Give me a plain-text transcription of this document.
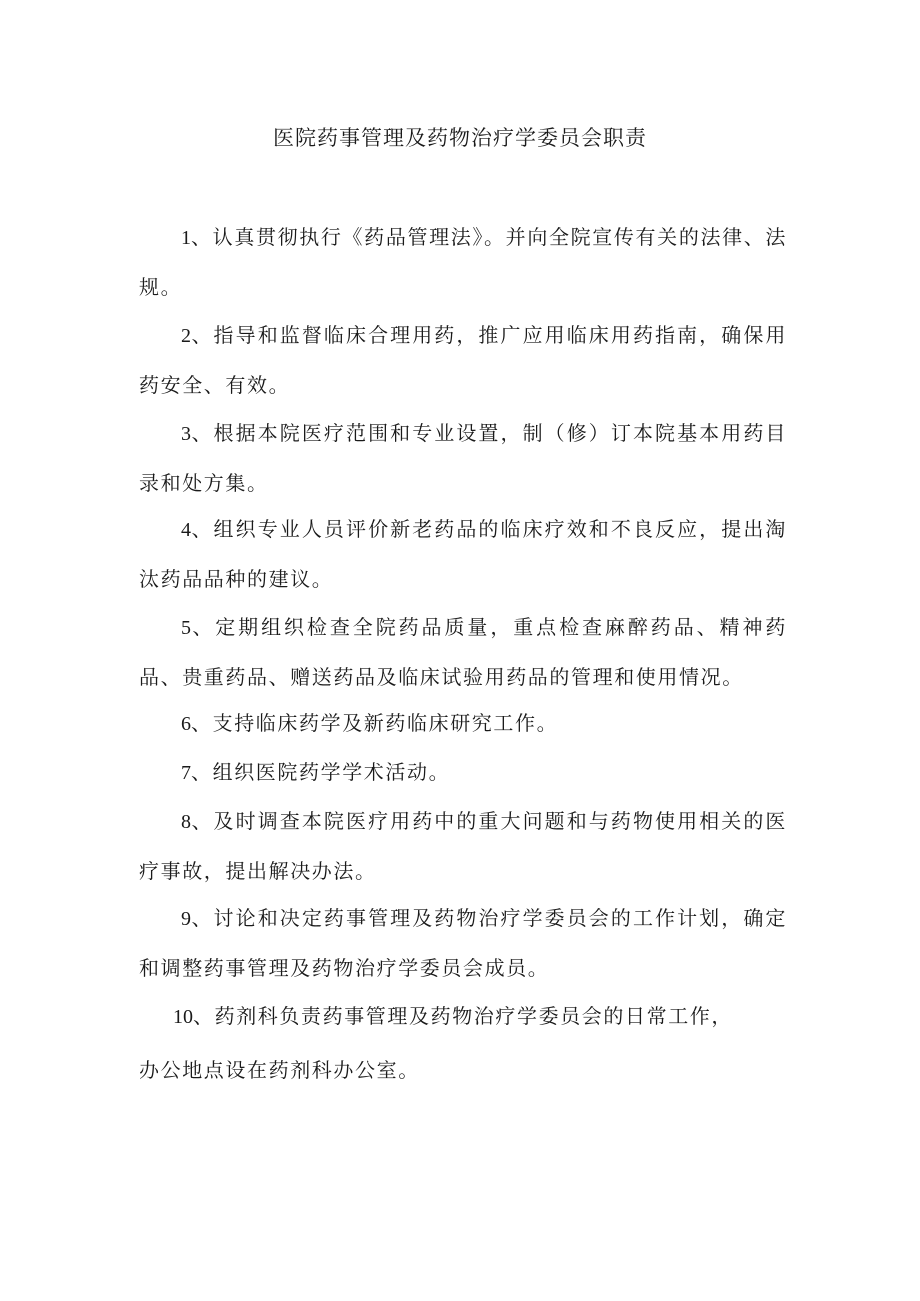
医院药事管理及药物治疗学委员会职责

1、认真贯彻执行《药品管理法》。并向全院宣传有关的法律、法规。

2、指导和监督临床合理用药，推广应用临床用药指南，确保用药安全、有效。

3、根据本院医疗范围和专业设置，制（修）订本院基本用药目录和处方集。

4、组织专业人员评价新老药品的临床疗效和不良反应，提出淘汰药品品种的建议。

5、定期组织检查全院药品质量，重点检查麻醉药品、精神药品、贵重药品、赠送药品及临床试验用药品的管理和使用情况。

6、支持临床药学及新药临床研究工作。

7、组织医院药学学术活动。

8、及时调查本院医疗用药中的重大问题和与药物使用相关的医疗事故，提出解决办法。

9、讨论和决定药事管理及药物治疗学委员会的工作计划，确定和调整药事管理及药物治疗学委员会成员。

10、药剂科负责药事管理及药物治疗学委员会的日常工作，

办公地点设在药剂科办公室。
